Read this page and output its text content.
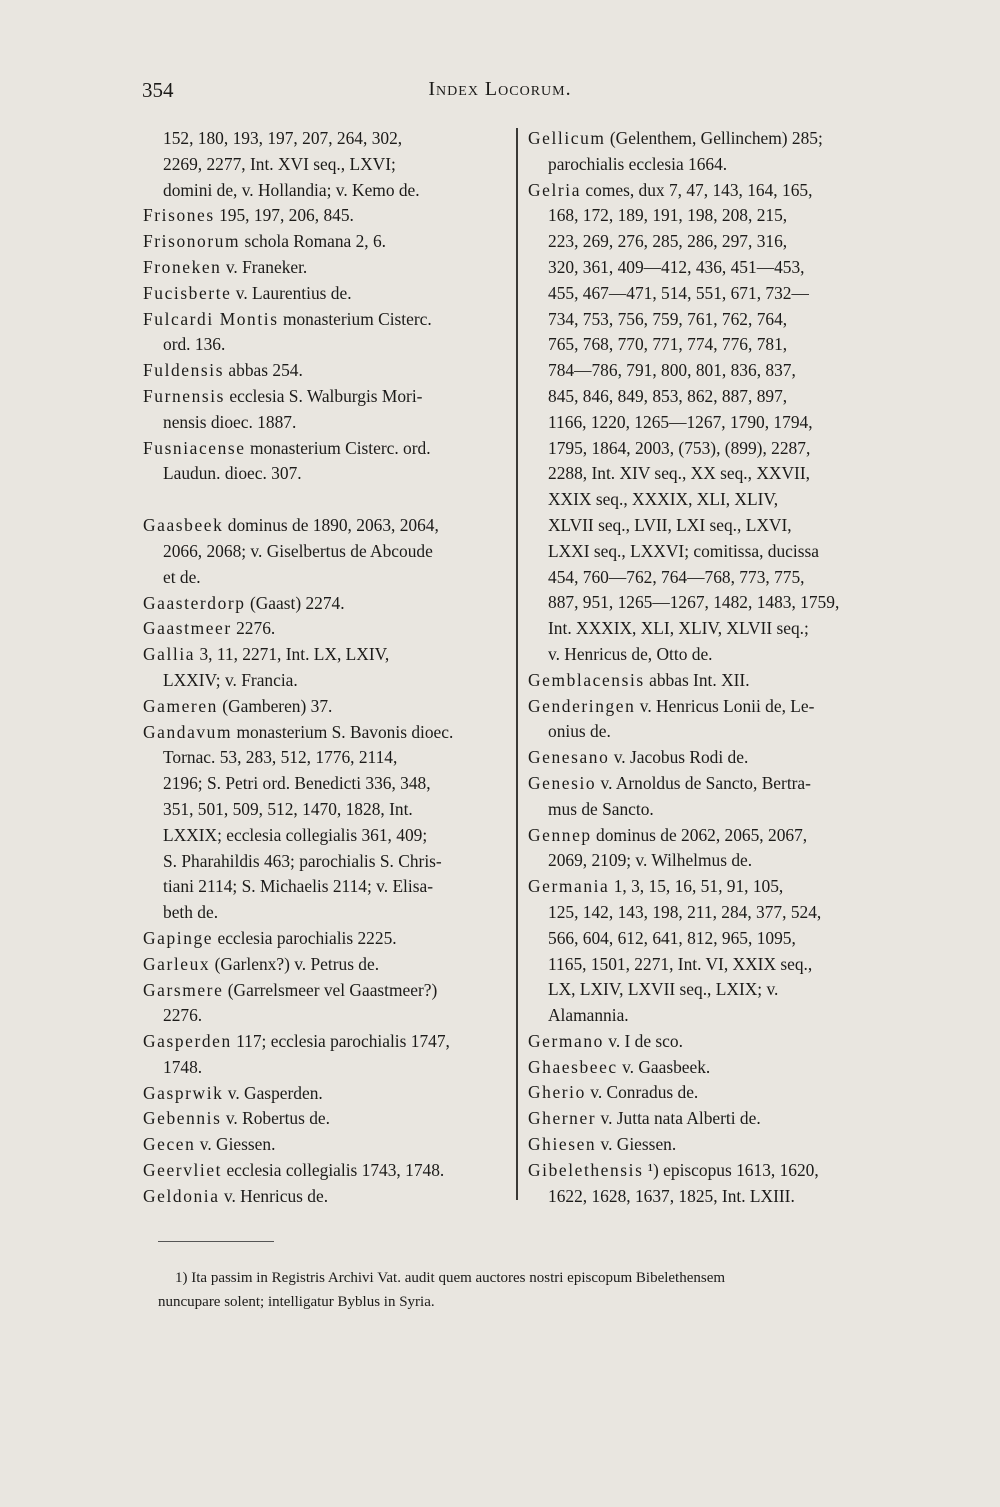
354	Index Locorum.
152, 180, 193, 197, 207, 264, 302,
2269, 2277, Int. XVI seq., LXVI;
domini de, v. Hollandia; v. Kemo de.
Frisones 195, 197, 206, 845.
Frisonorum schola Romana 2, 6.
Froneken v. Franeker.
Fucisberte v. Laurentius de.
Fulcardi Montis monasterium Cisterc.
ord. 136.
Fuldensis abbas 254.
Furnensis ecclesia S. Walburgis Mori-
nensis dioec. 1887.
Fusniacense monasterium Cisterc. ord.
Laudun. dioec. 307.
Gaasbeek dominus de 1890, 2063, 2064,
2066, 2068; v. Giselbertus de Abcoude
et de.
Gaasterdorp (Gaast) 2274.
Gaastmeer 2276.
Gallia 3, 11, 2271, Int. LX, LXIV,
LXXIV; v. Francia.
Gameren (Gamberen) 37.
Gandavum monasterium S. Bavonis dioec.
Tornac. 53, 283, 512, 1776, 2114,
2196; S. Petri ord. Benedicti 336, 348,
351, 501, 509, 512, 1470, 1828, Int.
LXXIX; ecclesia collegialis 361, 409;
S. Pharahildis 463; parochialis S. Chris-
tiani 2114; S. Michaelis 2114; v. Elisa-
beth de.
Gapinge ecclesia parochialis 2225.
Garleux (Garlenx?) v. Petrus de.
Garsmere (Garrelsmeer vel Gaastmeer?)
2276.
Gasperden 117; ecclesia parochialis 1747,
1748.
Gasprwik v. Gasperden.
Gebennis v. Robertus de.
Gecen v. Giessen.
Geervliet ecclesia collegialis 1743, 1748.
Geldonia v. Henricus de.
Gellicum (Gelenthem, Gellinchem) 285;
parochialis ecclesia 1664.
Gelria comes, dux 7, 47, 143, 164, 165,
168, 172, 189, 191, 198, 208, 215,
223, 269, 276, 285, 286, 297, 316,
320, 361, 409—412, 436, 451—453,
455, 467—471, 514, 551, 671, 732—
734, 753, 756, 759, 761, 762, 764,
765, 768, 770, 771, 774, 776, 781,
784—786, 791, 800, 801, 836, 837,
845, 846, 849, 853, 862, 887, 897,
1166, 1220, 1265—1267, 1790, 1794,
1795, 1864, 2003, (753), (899), 2287,
2288, Int. XIV seq., XX seq., XXVII,
XXIX seq., XXXIX, XLI, XLIV,
XLVII seq., LVII, LXI seq., LXVI,
LXXI seq., LXXVI; comitissa, ducissa
454, 760—762, 764—768, 773, 775,
887, 951, 1265—1267, 1482, 1483, 1759,
Int. XXXIX, XLI, XLIV, XLVII seq.;
v. Henricus de, Otto de.
Gemblacensis abbas Int. XII.
Genderingen v. Henricus Lonii de, Le-
onius de.
Genesano v. Jacobus Rodi de.
Genesio v. Arnoldus de Sancto, Bertra-
mus de Sancto.
Gennep dominus de 2062, 2065, 2067,
2069, 2109; v. Wilhelmus de.
Germania 1, 3, 15, 16, 51, 91, 105,
125, 142, 143, 198, 211, 284, 377, 524,
566, 604, 612, 641, 812, 965, 1095,
1165, 1501, 2271, Int. VI, XXIX seq.,
LX, LXIV, LXVII seq., LXIX; v.
Alamannia.
Germano v. I de sco.
Ghaesbeec v. Gaasbeek.
Gherio v. Conradus de.
Gherner v. Jutta nata Alberti de.
Ghiesen v. Giessen.
Gibelethensis ¹) episcopus 1613, 1620,
1622, 1628, 1637, 1825, Int. LXIII.
1) Ita passim in Registris Archivi Vat. audit quem auctores nostri episcopum Bibelethensem
nuncupare solent; intelligatur Byblus in Syria.
